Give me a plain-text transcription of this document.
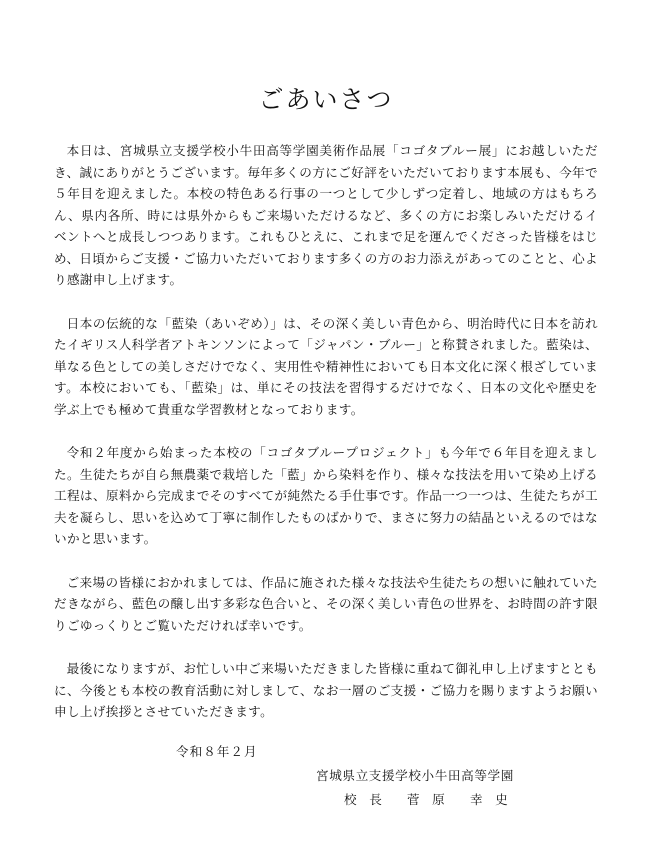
ごあいさつ

本日は、宮城県立支援学校小牛田高等学園美術作品展「コゴタブルー展」にお越しいただき、誠にありがとうございます。毎年多くの方にご好評をいただいております本展も、今年で５年目を迎えました。本校の特色ある行事の一つとして少しずつ定着し、地域の方はもちろん、県内各所、時には県外からもご来場いただけるなど、多くの方にお楽しみいただけるイベントへと成長しつつあります。これもひとえに、これまで足を運んでくださった皆様をはじめ、日頃からご支援・ご協力いただいております多くの方のお力添えがあってのことと、心より感謝申し上げます。

日本の伝統的な「藍染（あいぞめ）」は、その深く美しい青色から、明治時代に日本を訪れたイギリス人科学者アトキンソンによって「ジャパン・ブルー」と称賛されました。藍染は、単なる色としての美しさだけでなく、実用性や精神性においても日本文化に深く根ざしています。本校においても、「藍染」は、単にその技法を習得するだけでなく、日本の文化や歴史を学ぶ上でも極めて貴重な学習教材となっております。

令和２年度から始まった本校の「コゴタブループロジェクト」も今年で６年目を迎えました。生徒たちが自ら無農薬で栽培した「藍」から染料を作り、様々な技法を用いて染め上げる工程は、原料から完成までそのすべてが純然たる手仕事です。作品一つ一つは、生徒たちが工夫を凝らし、思いを込めて丁寧に制作したものばかりで、まさに努力の結晶といえるのではないかと思います。

ご来場の皆様におかれましては、作品に施された様々な技法や生徒たちの想いに触れていただきながら、藍色の醸し出す多彩な色合いと、その深く美しい青色の世界を、お時間の許す限りごゆっくりとご覧いただければ幸いです。

最後になりますが、お忙しい中ご来場いただきました皆様に重ねて御礼申し上げますとともに、今後とも本校の教育活動に対しまして、なお一層のご支援・ご協力を賜りますようお願い申し上げ挨拶とさせていただきます。

令和８年２月
宮城県立支援学校小牛田高等学園
校　長　　菅　原　　幸　史
